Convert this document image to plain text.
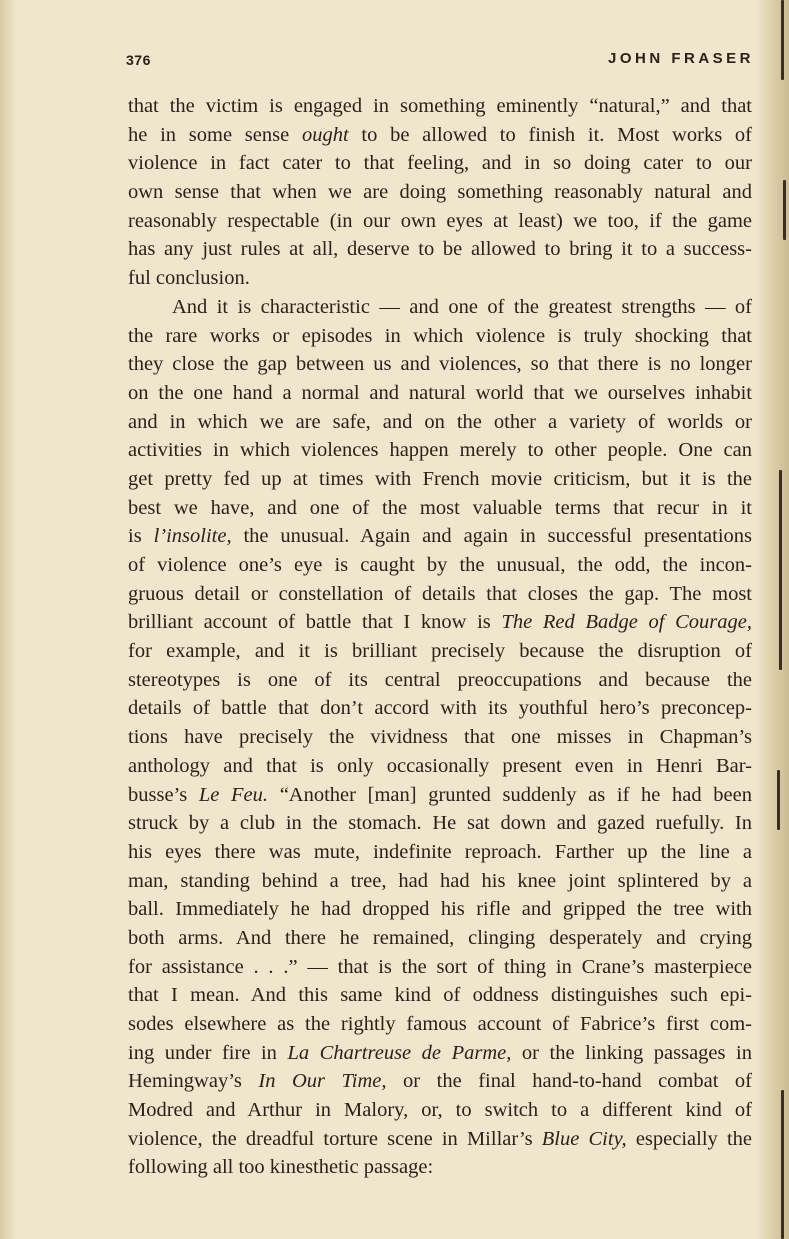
376	JOHN FRASER
that the victim is engaged in something eminently “natural,” and that
he in some sense ought to be allowed to finish it. Most works of
violence in fact cater to that feeling, and in so doing cater to our
own sense that when we are doing something reasonably natural and
reasonably respectable (in our own eyes at least) we too, if the game
has any just rules at all, deserve to be allowed to bring it to a success-
ful conclusion.
And it is characteristic — and one of the greatest strengths — of
the rare works or episodes in which violence is truly shocking that
they close the gap between us and violences, so that there is no longer
on the one hand a normal and natural world that we ourselves inhabit
and in which we are safe, and on the other a variety of worlds or
activities in which violences happen merely to other people. One can
get pretty fed up at times with French movie criticism, but it is the
best we have, and one of the most valuable terms that recur in it
is l’insolite, the unusual. Again and again in successful presentations
of violence one’s eye is caught by the unusual, the odd, the incon-
gruous detail or constellation of details that closes the gap. The most
brilliant account of battle that I know is The Red Badge of Courage,
for example, and it is brilliant precisely because the disruption of
stereotypes is one of its central preoccupations and because the
details of battle that don’t accord with its youthful hero’s preconcep-
tions have precisely the vividness that one misses in Chapman’s
anthology and that is only occasionally present even in Henri Bar-
busse’s Le Feu. “Another [man] grunted suddenly as if he had been
struck by a club in the stomach. He sat down and gazed ruefully. In
his eyes there was mute, indefinite reproach. Farther up the line a
man, standing behind a tree, had had his knee joint splintered by a
ball. Immediately he had dropped his rifle and gripped the tree with
both arms. And there he remained, clinging desperately and crying
for assistance . . .” — that is the sort of thing in Crane’s masterpiece
that I mean. And this same kind of oddness distinguishes such epi-
sodes elsewhere as the rightly famous account of Fabrice’s first com-
ing under fire in La Chartreuse de Parme, or the linking passages in
Hemingway’s In Our Time, or the final hand-to-hand combat of
Modred and Arthur in Malory, or, to switch to a different kind of
violence, the dreadful torture scene in Millar’s Blue City, especially the
following all too kinesthetic passage:
